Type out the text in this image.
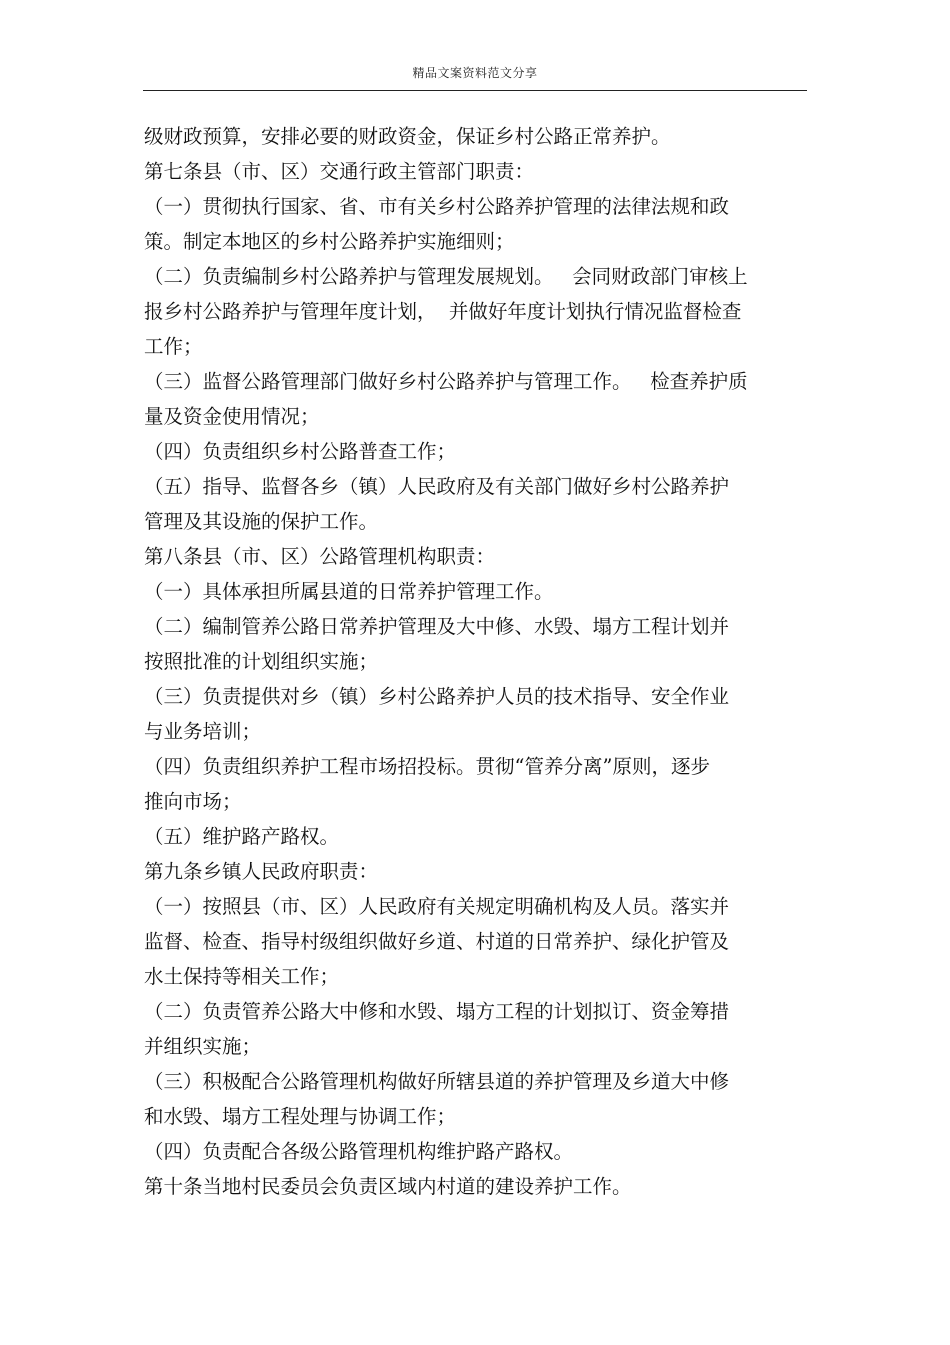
精品文案资料范文分享
级财政预算，安排必要的财政资金，保证乡村公路正常养护。
第七条县（市、区）交通行政主管部门职责：
（一）贯彻执行国家、省、市有关乡村公路养护管理的法律法规和政
策。制定本地区的乡村公路养护实施细则；
（二）负责编制乡村公路养护与管理发展规划。   会同财政部门审核上
报乡村公路养护与管理年度计划，  并做好年度计划执行情况监督检查
工作；
（三）监督公路管理部门做好乡村公路养护与管理工作。   检查养护质
量及资金使用情况；
（四）负责组织乡村公路普查工作；
（五）指导、监督各乡（镇）人民政府及有关部门做好乡村公路养护
管理及其设施的保护工作。
第八条县（市、区）公路管理机构职责：
（一）具体承担所属县道的日常养护管理工作。
（二）编制管养公路日常养护管理及大中修、水毁、塌方工程计划并
按照批准的计划组织实施；
（三）负责提供对乡（镇）乡村公路养护人员的技术指导、安全作业
与业务培训；
（四）负责组织养护工程市场招投标。贯彻“管养分离”原则，逐步
推向市场；
（五）维护路产路权。
第九条乡镇人民政府职责：
（一）按照县（市、区）人民政府有关规定明确机构及人员。落实并
监督、检查、指导村级组织做好乡道、村道的日常养护、绿化护管及
水土保持等相关工作；
（二）负责管养公路大中修和水毁、塌方工程的计划拟订、资金筹措
并组织实施；
（三）积极配合公路管理机构做好所辖县道的养护管理及乡道大中修
和水毁、塌方工程处理与协调工作；
（四）负责配合各级公路管理机构维护路产路权。
第十条当地村民委员会负责区域内村道的建设养护工作。
